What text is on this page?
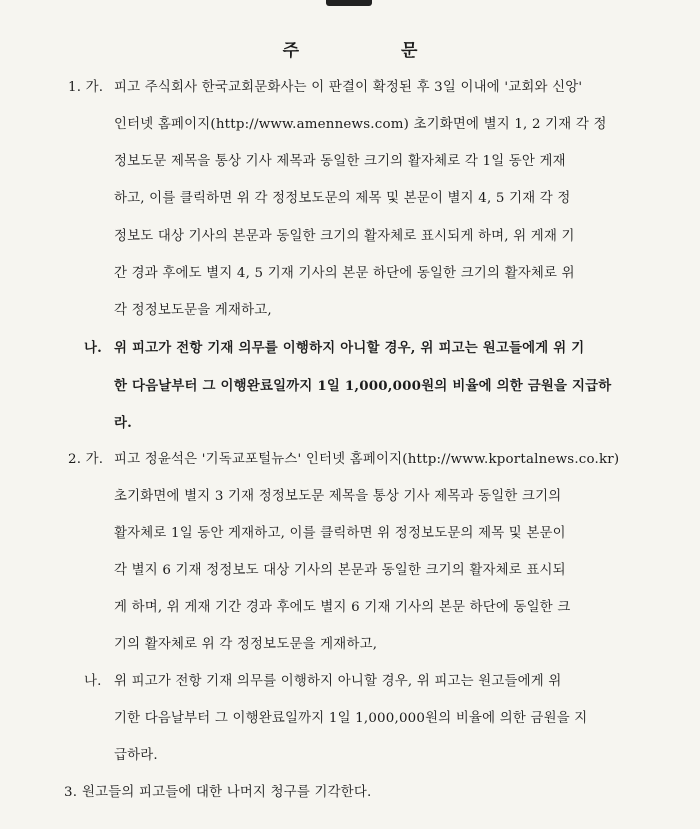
주 문
1. 가. 피고 주식회사 한국교회문화사는 이 판결이 확정된 후 3일 이내에 '교회와 신앙'
인터넷 홈페이지(http://www.amennews.com) 초기화면에 별지 1, 2 기재 각 정
정보도문 제목을 통상 기사 제목과 동일한 크기의 활자체로 각 1일 동안 게재
하고, 이를 클릭하면 위 각 정정보도문의 제목 및 본문이 별지 4, 5 기재 각 정
정보도 대상 기사의 본문과 동일한 크기의 활자체로 표시되게 하며, 위 게재 기
간 경과 후에도 별지 4, 5 기재 기사의 본문 하단에 동일한 크기의 활자체로 위
각 정정보도문을 게재하고,
나. 위 피고가 전항 기재 의무를 이행하지 아니할 경우, 위 피고는 원고들에게 위 기
한 다음날부터 그 이행완료일까지 1일 1,000,000원의 비율에 의한 금원을 지급하
라.
2. 가. 피고 정윤석은 '기독교포털뉴스' 인터넷 홈페이지(http://www.kportalnews.co.kr)
초기화면에 별지 3 기재 정정보도문 제목을 통상 기사 제목과 동일한 크기의
활자체로 1일 동안 게재하고, 이를 클릭하면 위 정정보도문의 제목 및 본문이
각 별지 6 기재 정정보도 대상 기사의 본문과 동일한 크기의 활자체로 표시되
게 하며, 위 게재 기간 경과 후에도 별지 6 기재 기사의 본문 하단에 동일한 크
기의 활자체로 위 각 정정보도문을 게재하고,
나. 위 피고가 전항 기재 의무를 이행하지 아니할 경우, 위 피고는 원고들에게 위
기한 다음날부터 그 이행완료일까지 1일 1,000,000원의 비율에 의한 금원을 지
급하라.
3. 원고들의 피고들에 대한 나머지 청구를 기각한다.
